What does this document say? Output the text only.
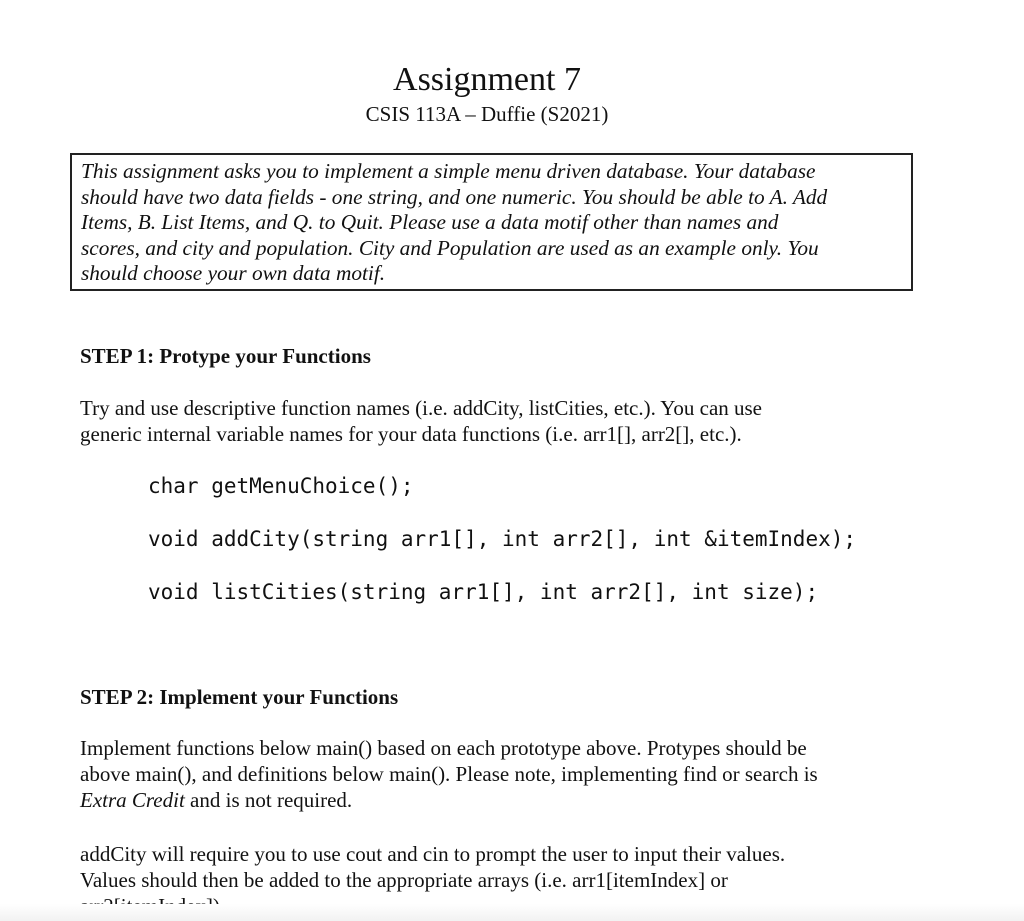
Assignment 7
CSIS 113A – Duffie (S2021)
This assignment asks you to implement a simple menu driven database. Your database
should have two data fields - one string, and one numeric. You should be able to A. Add
Items, B. List Items, and Q. to Quit. Please use a data motif other than names and
scores, and city and population. City and Population are used as an example only. You
should choose your own data motif.
STEP 1: Protype your Functions
Try and use descriptive function names (i.e. addCity, listCities, etc.). You can use
generic internal variable names for your data functions (i.e. arr1[], arr2[], etc.).
char getMenuChoice();
void addCity(string arr1[], int arr2[], int &itemIndex);
void listCities(string arr1[], int arr2[], int size);
STEP 2: Implement your Functions
Implement functions below main() based on each prototype above. Protypes should be
above main(), and definitions below main(). Please note, implementing find or search is
Extra Credit and is not required.
addCity will require you to use cout and cin to prompt the user to input their values.
Values should then be added to the appropriate arrays (i.e. arr1[itemIndex] or
